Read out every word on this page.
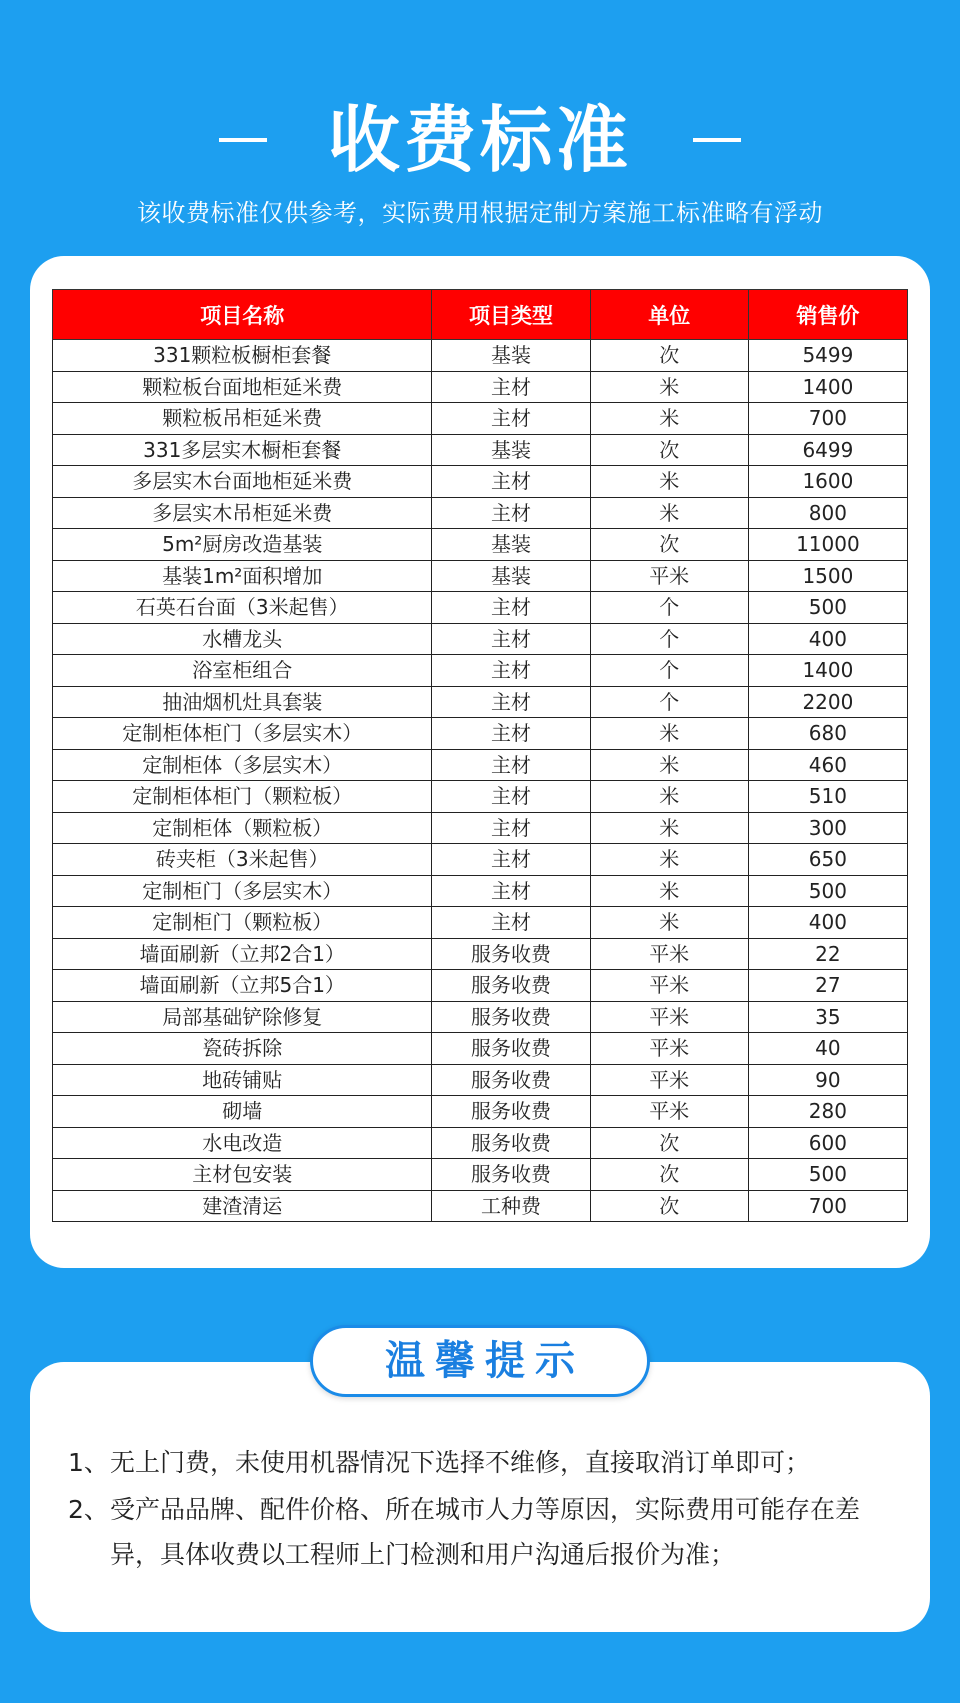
收费标准
该收费标准仅供参考，实际费用根据定制方案施工标准略有浮动
项目名称	项目类型	单位	销售价
331颗粒板橱柜套餐	基装	次	5499
颗粒板台面地柜延米费	主材	米	1400
颗粒板吊柜延米费	主材	米	700
331多层实木橱柜套餐	基装	次	6499
多层实木台面地柜延米费	主材	米	1600
多层实木吊柜延米费	主材	米	800
5m²厨房改造基装	基装	次	11000
基装1m²面积增加	基装	平米	1500
石英石台面（3米起售）	主材	个	500
水槽龙头	主材	个	400
浴室柜组合	主材	个	1400
抽油烟机灶具套装	主材	个	2200
定制柜体柜门（多层实木）	主材	米	680
定制柜体（多层实木）	主材	米	460
定制柜体柜门（颗粒板）	主材	米	510
定制柜体（颗粒板）	主材	米	300
砖夹柜（3米起售）	主材	米	650
定制柜门（多层实木）	主材	米	500
定制柜门（颗粒板）	主材	米	400
墙面刷新（立邦2合1）	服务收费	平米	22
墙面刷新（立邦5合1）	服务收费	平米	27
局部基础铲除修复	服务收费	平米	35
瓷砖拆除	服务收费	平米	40
地砖铺贴	服务收费	平米	90
砌墙	服务收费	平米	280
水电改造	服务收费	次	600
主材包安装	服务收费	次	500
建渣清运	工种费	次	700
温馨提示
1、 无上门费，未使用机器情况下选择不维修，直接取消订单即可；
2、 受产品品牌、配件价格、所在城市人力等原因，实际费用可能存在差异，具体收费以工程师上门检测和用户沟通后报价为准；
